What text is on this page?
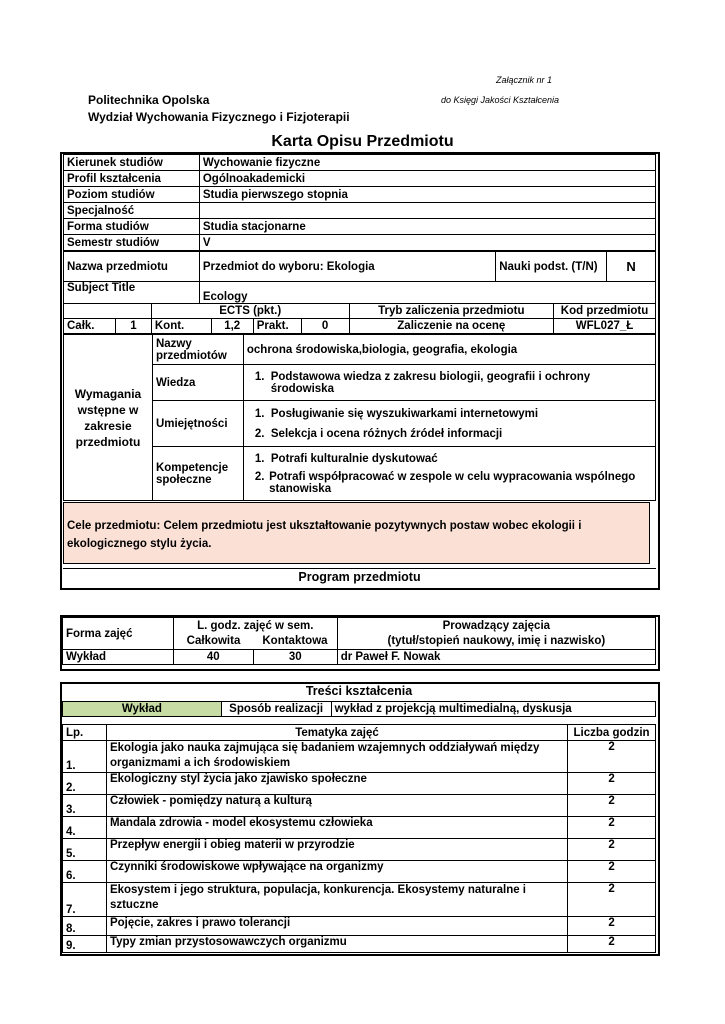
Załącznik nr 1
Politechnika Opolska	do Księgi Jakości Kształcenia
Wydział Wychowania Fizycznego i Fizjoterapii
Karta Opisu Przedmiotu
Kierunek studiów	Wychowanie fizyczne
Profil kształcenia	Ogólnoakademicki
Poziom studiów	Studia pierwszego stopnia
Specjalność	
Forma studiów	Studia stacjonarne
Semestr studiów	V
Nazwa przedmiotu	Przedmiot do wyboru: Ekologia	Nauki podst. (T/N)	N
Subject Title	Ecology		
		ECTS (pkt.)				Tryb zaliczenia przedmiotu	Kod przedmiotu
Całk.	1	Kont.	1,2	Prakt.	0	Zaliczenie na ocenę	WFL027_Ł
Wymagania wstępne w zakresie przedmiotu	Nazwy przedmiotów	ochrona środowiska,biologia, geografia, ekologia
	Wiedza	1. Podstawowa wiedza z zakresu biologii, geografii i ochrony środowiska

	Umiejętności	1. Posługiwanie się wyszukiwarkami internetowymi
2. Selekcja i ocena różnych źródeł informacji

	Kompetencje społeczne	1. Potrafi kulturalnie dyskutować
2. Potrafi współpracować w zespole w celu wypracowania wspólnego stanowiska
Cele przedmiotu: Celem przedmiotu jest ukształtowanie pozytywnych postaw wobec ekologii i ekologicznego stylu życia.
Program przedmiotu
Forma zajęć	L. godz. zajęć w sem.		Prowadzący zajęcia
	Całkowita	Kontaktowa	(tytuł/stopień naukowy, imię i nazwisko)
Wykład	40	30	dr Paweł F. Nowak
Treści kształcenia
Wykład	Sposób realizacji	wykład z projekcją multimedialną, dyskusja
Lp.	Tematyka zajęć	Liczba godzin
1.	Ekologia jako nauka zajmująca się badaniem wzajemnych oddziaływań między organizmami a ich środowiskiem	2
2.	Ekologiczny styl życia jako zjawisko społeczne	2
3.	Człowiek - pomiędzy naturą a kulturą	2
4.	Mandala zdrowia - model ekosystemu człowieka	2
5.	Przepływ energii i obieg materii w przyrodzie	2
6.	Czynniki środowiskowe wpływające na organizmy	2
7.	Ekosystem i jego struktura, populacja, konkurencja. Ekosystemy naturalne i sztuczne	2
8.	Pojęcie, zakres i prawo tolerancji	2
9.	Typy zmian przystosowawczych organizmu	2
